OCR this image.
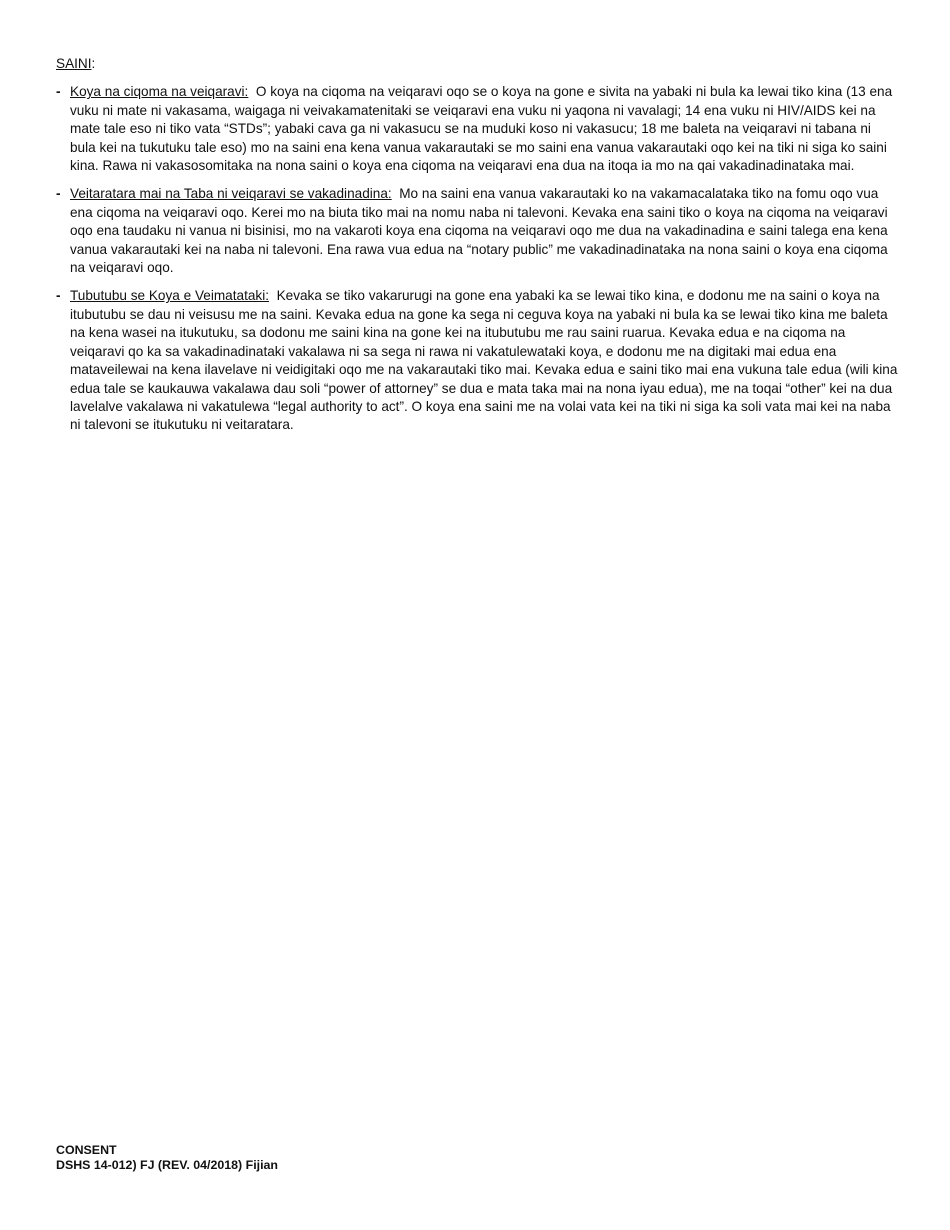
SAINI:
- Koya na ciqoma na veiqaravi: O koya na ciqoma na veiqaravi oqo se o koya na gone e sivita na yabaki ni bula ka lewai tiko kina (13 ena vuku ni mate ni vakasama, waigaga ni veivakamatenitaki se veiqaravi ena vuku ni yaqona ni vavalagi; 14 ena vuku ni HIV/AIDS kei na mate tale eso ni tiko vata “STDs”; yabaki cava ga ni vakasucu se na muduki koso ni vakasucu; 18 me baleta na veiqaravi ni tabana ni bula kei na tukutuku tale eso) mo na saini ena kena vanua vakarautaki se mo saini ena vanua vakarautaki oqo kei na tiki ni siga ko saini kina. Rawa ni vakasosomitaka na nona saini o koya ena ciqoma na veiqaravi ena dua na itoqa ia mo na qai vakadinadinataka mai.
- Veitaratara mai na Taba ni veiqaravi se vakadinadina: Mo na saini ena vanua vakarautaki ko na vakamacalataka tiko na fomu oqo vua ena ciqoma na veiqaravi oqo. Kerei mo na biuta tiko mai na nomu naba ni talevoni. Kevaka ena saini tiko o koya na ciqoma na veiqaravi oqo ena taudaku ni vanua ni bisinisi, mo na vakaroti koya ena ciqoma na veiqaravi oqo me dua na vakadinadina e saini talega ena kena vanua vakarautaki kei na naba ni talevoni. Ena rawa vua edua na “notary public” me vakadinadinataka na nona saini o koya ena ciqoma na veiqaravi oqo.
- Tubutubu se Koya e Veimatataki: Kevaka se tiko vakarurugi na gone ena yabaki ka se lewai tiko kina, e dodonu me na saini o koya na itubutubu se dau ni veisusu me na saini. Kevaka edua na gone ka sega ni ceguva koya na yabaki ni bula ka se lewai tiko kina me baleta na kena wasei na itukutuku, sa dodonu me saini kina na gone kei na itubutubu me rau saini ruarua. Kevaka edua e na ciqoma na veiqaravi qo ka sa vakadinadinataki vakalawa ni sa sega ni rawa ni vakatulewataki koya, e dodonu me na digitaki mai edua ena mataveilewai na kena ilavelave ni veidigitaki oqo me na vakarautaki tiko mai. Kevaka edua e saini tiko mai ena vukuna tale edua (wili kina edua tale se kaukauwa vakalawa dau soli “power of attorney” se dua e mata taka mai na nona iyau edua), me na toqai “other” kei na dua lavelalve vakalawa ni vakatulewa “legal authority to act”. O koya ena saini me na volai vata kei na tiki ni siga ka soli vata mai kei na naba ni talevoni se itukutuku ni veitaratara.
CONSENT
DSHS 14-012) FJ (REV. 04/2018) Fijian
